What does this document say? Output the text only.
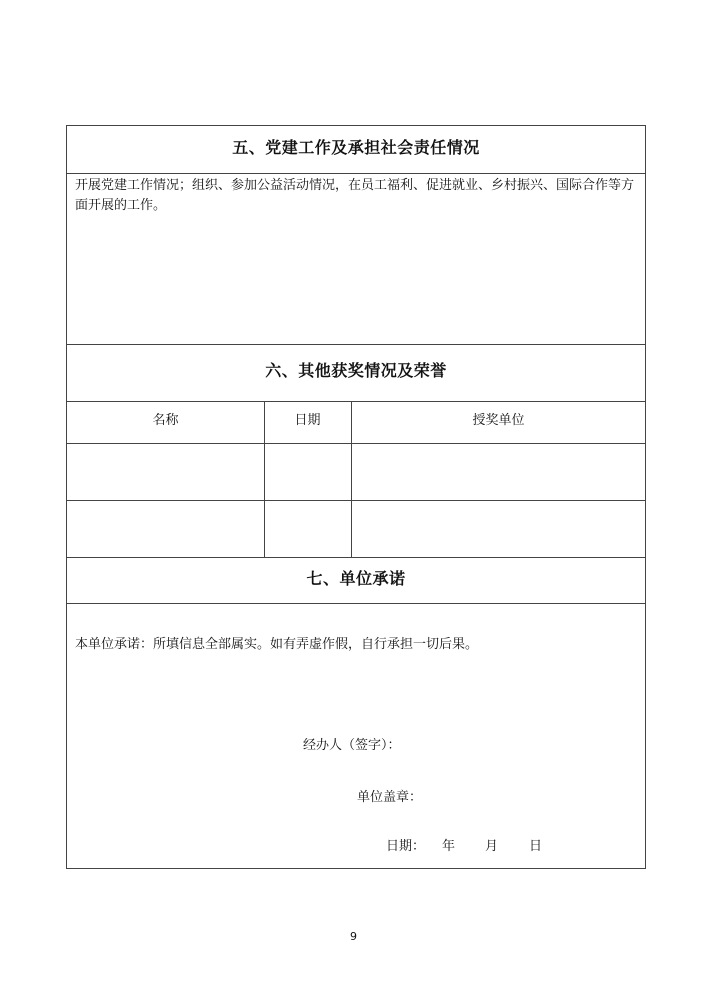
五、党建工作及承担社会责任情况
开展党建工作情况；组织、参加公益活动情况，在员工福利、促进就业、乡村振兴、国际合作等方面开展的工作。
六、其他获奖情况及荣誉
名称	日期	授奖单位
七、单位承诺
本单位承诺：所填信息全部属实。如有弄虚作假，自行承担一切后果。
经办人（签字）：
单位盖章：
日期： 年 月 日
9
